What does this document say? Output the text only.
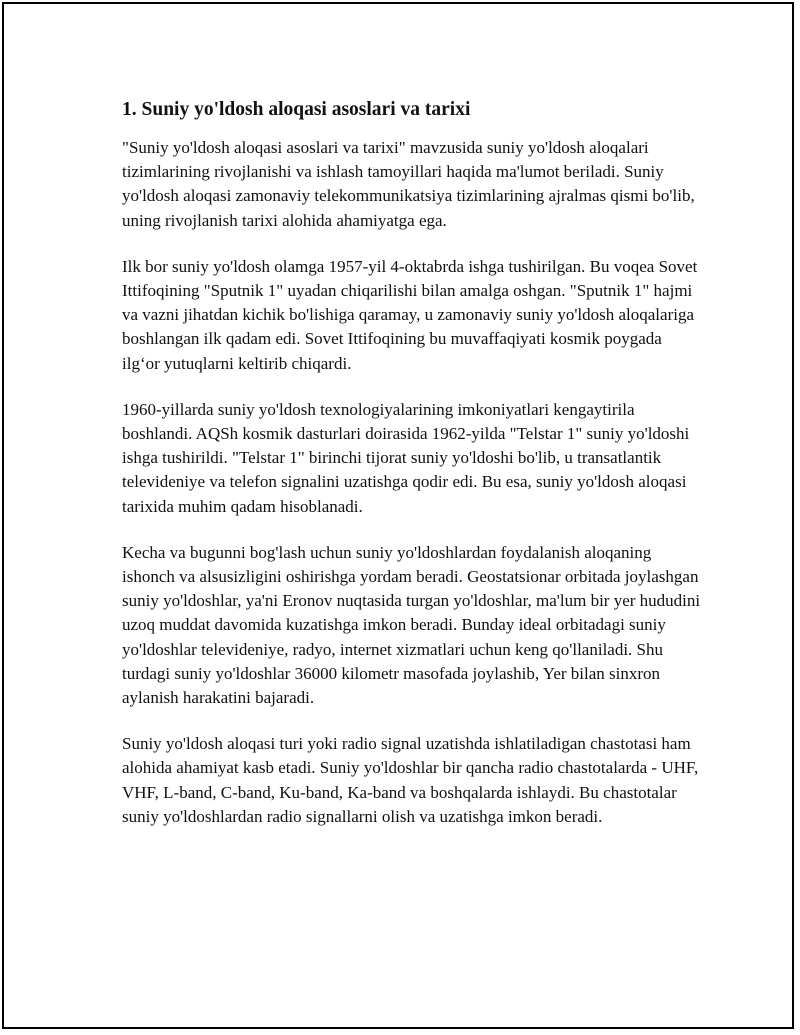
1. Suniy yo'ldosh aloqasi asoslari va tarixi

"Suniy yo'ldosh aloqasi asoslari va tarixi" mavzusida suniy yo'ldosh aloqalari tizimlarining rivojlanishi va ishlash tamoyillari haqida ma'lumot beriladi. Suniy yo'ldosh aloqasi zamonaviy telekommunikatsiya tizimlarining ajralmas qismi bo'lib, uning rivojlanish tarixi alohida ahamiyatga ega.

Ilk bor suniy yo'ldosh olamga 1957-yil 4-oktabrda ishga tushirilgan. Bu voqea Sovet Ittifoqining "Sputnik 1" uyadan chiqarilishi bilan amalga oshgan. "Sputnik 1" hajmi va vazni jihatdan kichik bo'lishiga qaramay, u zamonaviy suniy yo'ldosh aloqalariga boshlangan ilk qadam edi. Sovet Ittifoqining bu muvaffaqiyati kosmik poygada ilg‘or yutuqlarni keltirib chiqardi.

1960-yillarda suniy yo'ldosh texnologiyalarining imkoniyatlari kengaytirila boshlandi. AQSh kosmik dasturlari doirasida 1962-yilda "Telstar 1" suniy yo'ldoshi ishga tushirildi. "Telstar 1" birinchi tijorat suniy yo'ldoshi bo'lib, u transatlantik televideniye va telefon signalini uzatishga qodir edi. Bu esa, suniy yo'ldosh aloqasi tarixida muhim qadam hisoblanadi.

Kecha va bugunni bog'lash uchun suniy yo'ldoshlardan foydalanish aloqaning ishonch va alsusizligini oshirishga yordam beradi. Geostatsionar orbitada joylashgan suniy yo'ldoshlar, ya'ni Eronov nuqtasida turgan yo'ldoshlar, ma'lum bir yer hududini uzoq muddat davomida kuzatishga imkon beradi. Bunday ideal orbitadagi suniy yo'ldoshlar televideniye, radyo, internet xizmatlari uchun keng qo'llaniladi. Shu turdagi suniy yo'ldoshlar 36000 kilometr masofada joylashib, Yer bilan sinxron aylanish harakatini bajaradi.

Suniy yo'ldosh aloqasi turi yoki radio signal uzatishda ishlatiladigan chastotasi ham alohida ahamiyat kasb etadi. Suniy yo'ldoshlar bir qancha radio chastotalarda - UHF, VHF, L-band, C-band, Ku-band, Ka-band va boshqalarda ishlaydi. Bu chastotalar suniy yo'ldoshlardan radio signallarni olish va uzatishga imkon beradi.
